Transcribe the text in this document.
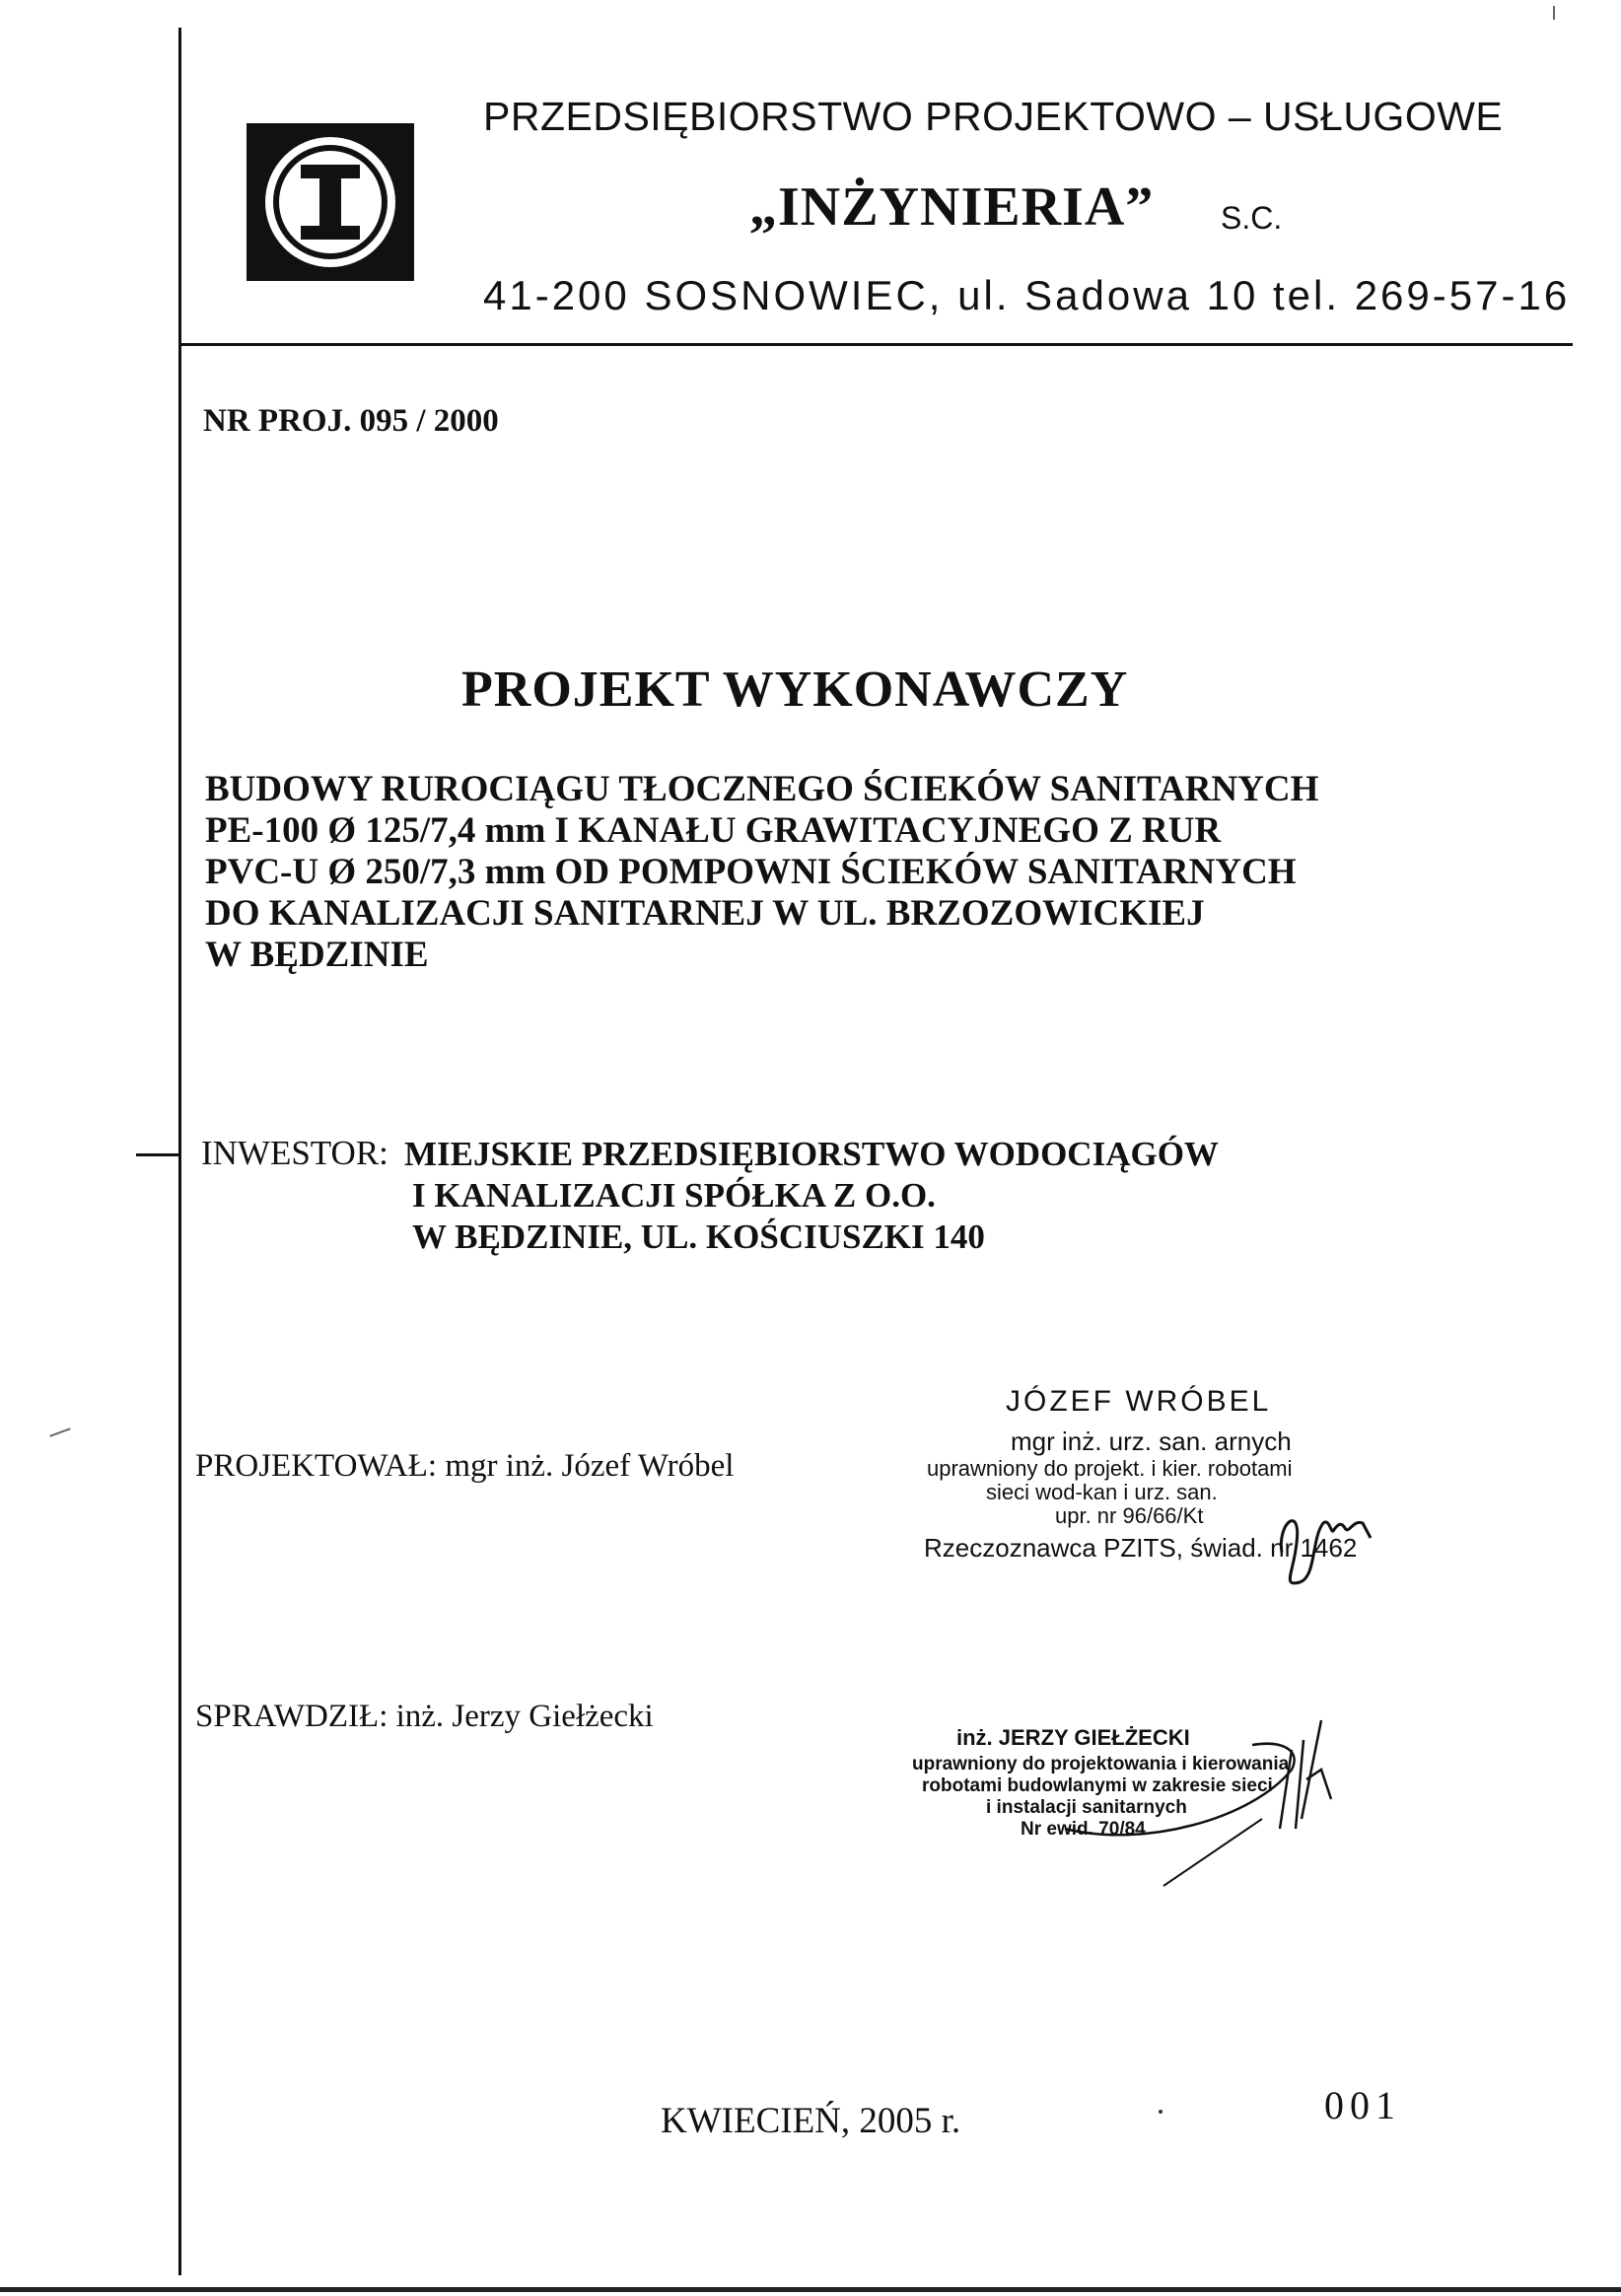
PRZEDSIĘBIORSTWO PROJEKTOWO – USŁUGOWE
„INŻYNIERIA” S.C.
41-200 SOSNOWIEC, ul. Sadowa 10 tel. 269-57-16
NR PROJ. 095 / 2000
PROJEKT WYKONAWCZY
BUDOWY RUROCIĄGU TŁOCZNEGO ŚCIEKÓW SANITARNYCH
PE-100 Ø 125/7,4 mm I KANAŁU GRAWITACYJNEGO Z RUR
PVC-U Ø 250/7,3 mm OD POMPOWNI ŚCIEKÓW SANITARNYCH
DO KANALIZACJI SANITARNEJ W UL. BRZOZOWICKIEJ
W BĘDZINIE
INWESTOR: MIEJSKIE PRZEDSIĘBIORSTWO WODOCIĄGÓW
I KANALIZACJI SPÓŁKA Z O.O.
W BĘDZINIE, UL. KOŚCIUSZKI 140
PROJEKTOWAŁ: mgr inż. Józef Wróbel
JÓZEF WRÓBEL
mgr inż. urz. san. arnych
uprawniony do projekt. i kier. robotami
sieci wod-kan i urz. san.
upr. nr 96/66/Kt
Rzeczoznawca PZITS, świad. nr 1462
SPRAWDZIŁ: inż. Jerzy Giełżecki
inż. JERZY GIEŁŻECKI
uprawniony do projektowania i kierowania
robotami budowlanymi w zakresie sieci
i instalacji sanitarnych
Nr ewid. 70/84
KWIECIEŃ, 2005 r.	001
